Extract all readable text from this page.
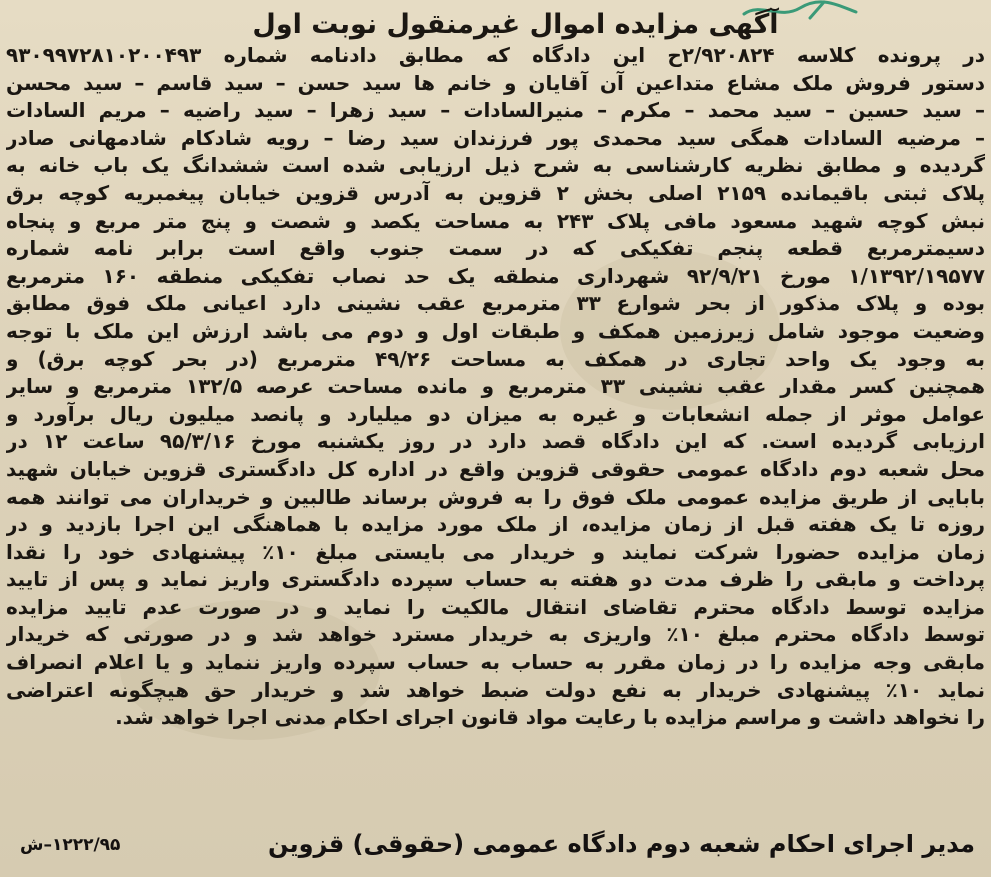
آگهی مزایده اموال غیرمنقول نوبت اول

در پرونده کلاسه ۲/۹۲۰۸۲۴ح این دادگاه که مطابق دادنامه شماره ۹۳۰۹۹۷۲۸۱۰۲۰۰۴۹۳

دستور فروش ملک مشاع متداعین آن آقایان و خانم ها سید حسن – سید قاسم – سید محسن

– سید حسین – سید محمد – مکرم – منیرالسادات – سید زهرا – سید راضیه – مریم السادات

– مرضیه السادات همگی سید محمدی پور فرزندان سید رضا – رویه شادکام شادمهانی صادر

گردیده و مطابق نظریه کارشناسی به شرح ذیل ارزیابی شده است ششدانگ یک باب خانه به

پلاک ثبتی باقیمانده ۲۱۵۹ اصلی بخش ۲ قزوین به آدرس قزوین خیابان پیغمبریه کوچه برق

نبش کوچه شهید مسعود مافی پلاک ۲۴۳ به مساحت یکصد و شصت و پنج متر مربع و پنجاه

دسیمترمربع قطعه پنجم تفکیکی که در سمت جنوب واقع است برابر نامه شماره

۱/۱۳۹۲/۱۹۵۷۷ مورخ ۹۲/۹/۲۱ شهرداری منطقه یک حد نصاب تفکیکی منطقه ۱۶۰ مترمربع

بوده و پلاک مذکور از بحر شوارع ۳۳ مترمربع عقب نشینی دارد اعیانی ملک فوق مطابق

وضعیت موجود شامل زیرزمین همکف و طبقات اول و دوم می باشد ارزش این ملک با توجه

به وجود یک واحد تجاری در همکف به مساحت ۴۹/۲۶ مترمربع (در بحر کوچه برق) و

همچنین کسر مقدار عقب نشینی ۳۳ مترمربع و مانده مساحت عرصه ۱۳۲/۵ مترمربع و سایر

عوامل موثر از جمله انشعابات و غیره به میزان دو میلیارد و پانصد میلیون ریال برآورد و

ارزیابی گردیده است. که این دادگاه قصد دارد در روز یکشنبه مورخ ۹۵/۳/۱۶ ساعت ۱۲ در

محل شعبه دوم دادگاه عمومی حقوقی قزوین واقع در اداره کل دادگستری قزوین خیابان شهید

بابایی از طریق مزایده عمومی ملک فوق را به فروش برساند طالبین و خریداران می توانند همه

روزه تا یک هفته قبل از زمان مزایده، از ملک مورد مزایده با هماهنگی این اجرا بازدید و در

زمان مزایده حضورا شرکت نمایند و خریدار می بایستی مبلغ ۱۰٪ پیشنهادی خود را نقدا

پرداخت و مابقی را ظرف مدت دو هفته به حساب سپرده دادگستری واریز نماید و پس از تایید

مزایده توسط دادگاه محترم تقاضای انتقال مالکیت را نماید و در صورت عدم تایید مزایده

توسط دادگاه محترم مبلغ ۱۰٪ واریزی به خریدار مسترد خواهد شد و در صورتی که خریدار

مابقی وجه مزایده را در زمان مقرر به حساب به حساب سپرده واریز ننماید و یا اعلام انصراف

نماید ۱۰٪ پیشنهادی خریدار به نفع دولت ضبط خواهد شد و خریدار حق هیچگونه اعتراضی

را نخواهد داشت و مراسم مزایده با رعایت مواد قانون اجرای احکام مدنی اجرا خواهد شد.

مدیر اجرای احکام شعبه دوم دادگاه عمومی (حقوقی) قزوین
۱۲۲۲/۹۵–ش
